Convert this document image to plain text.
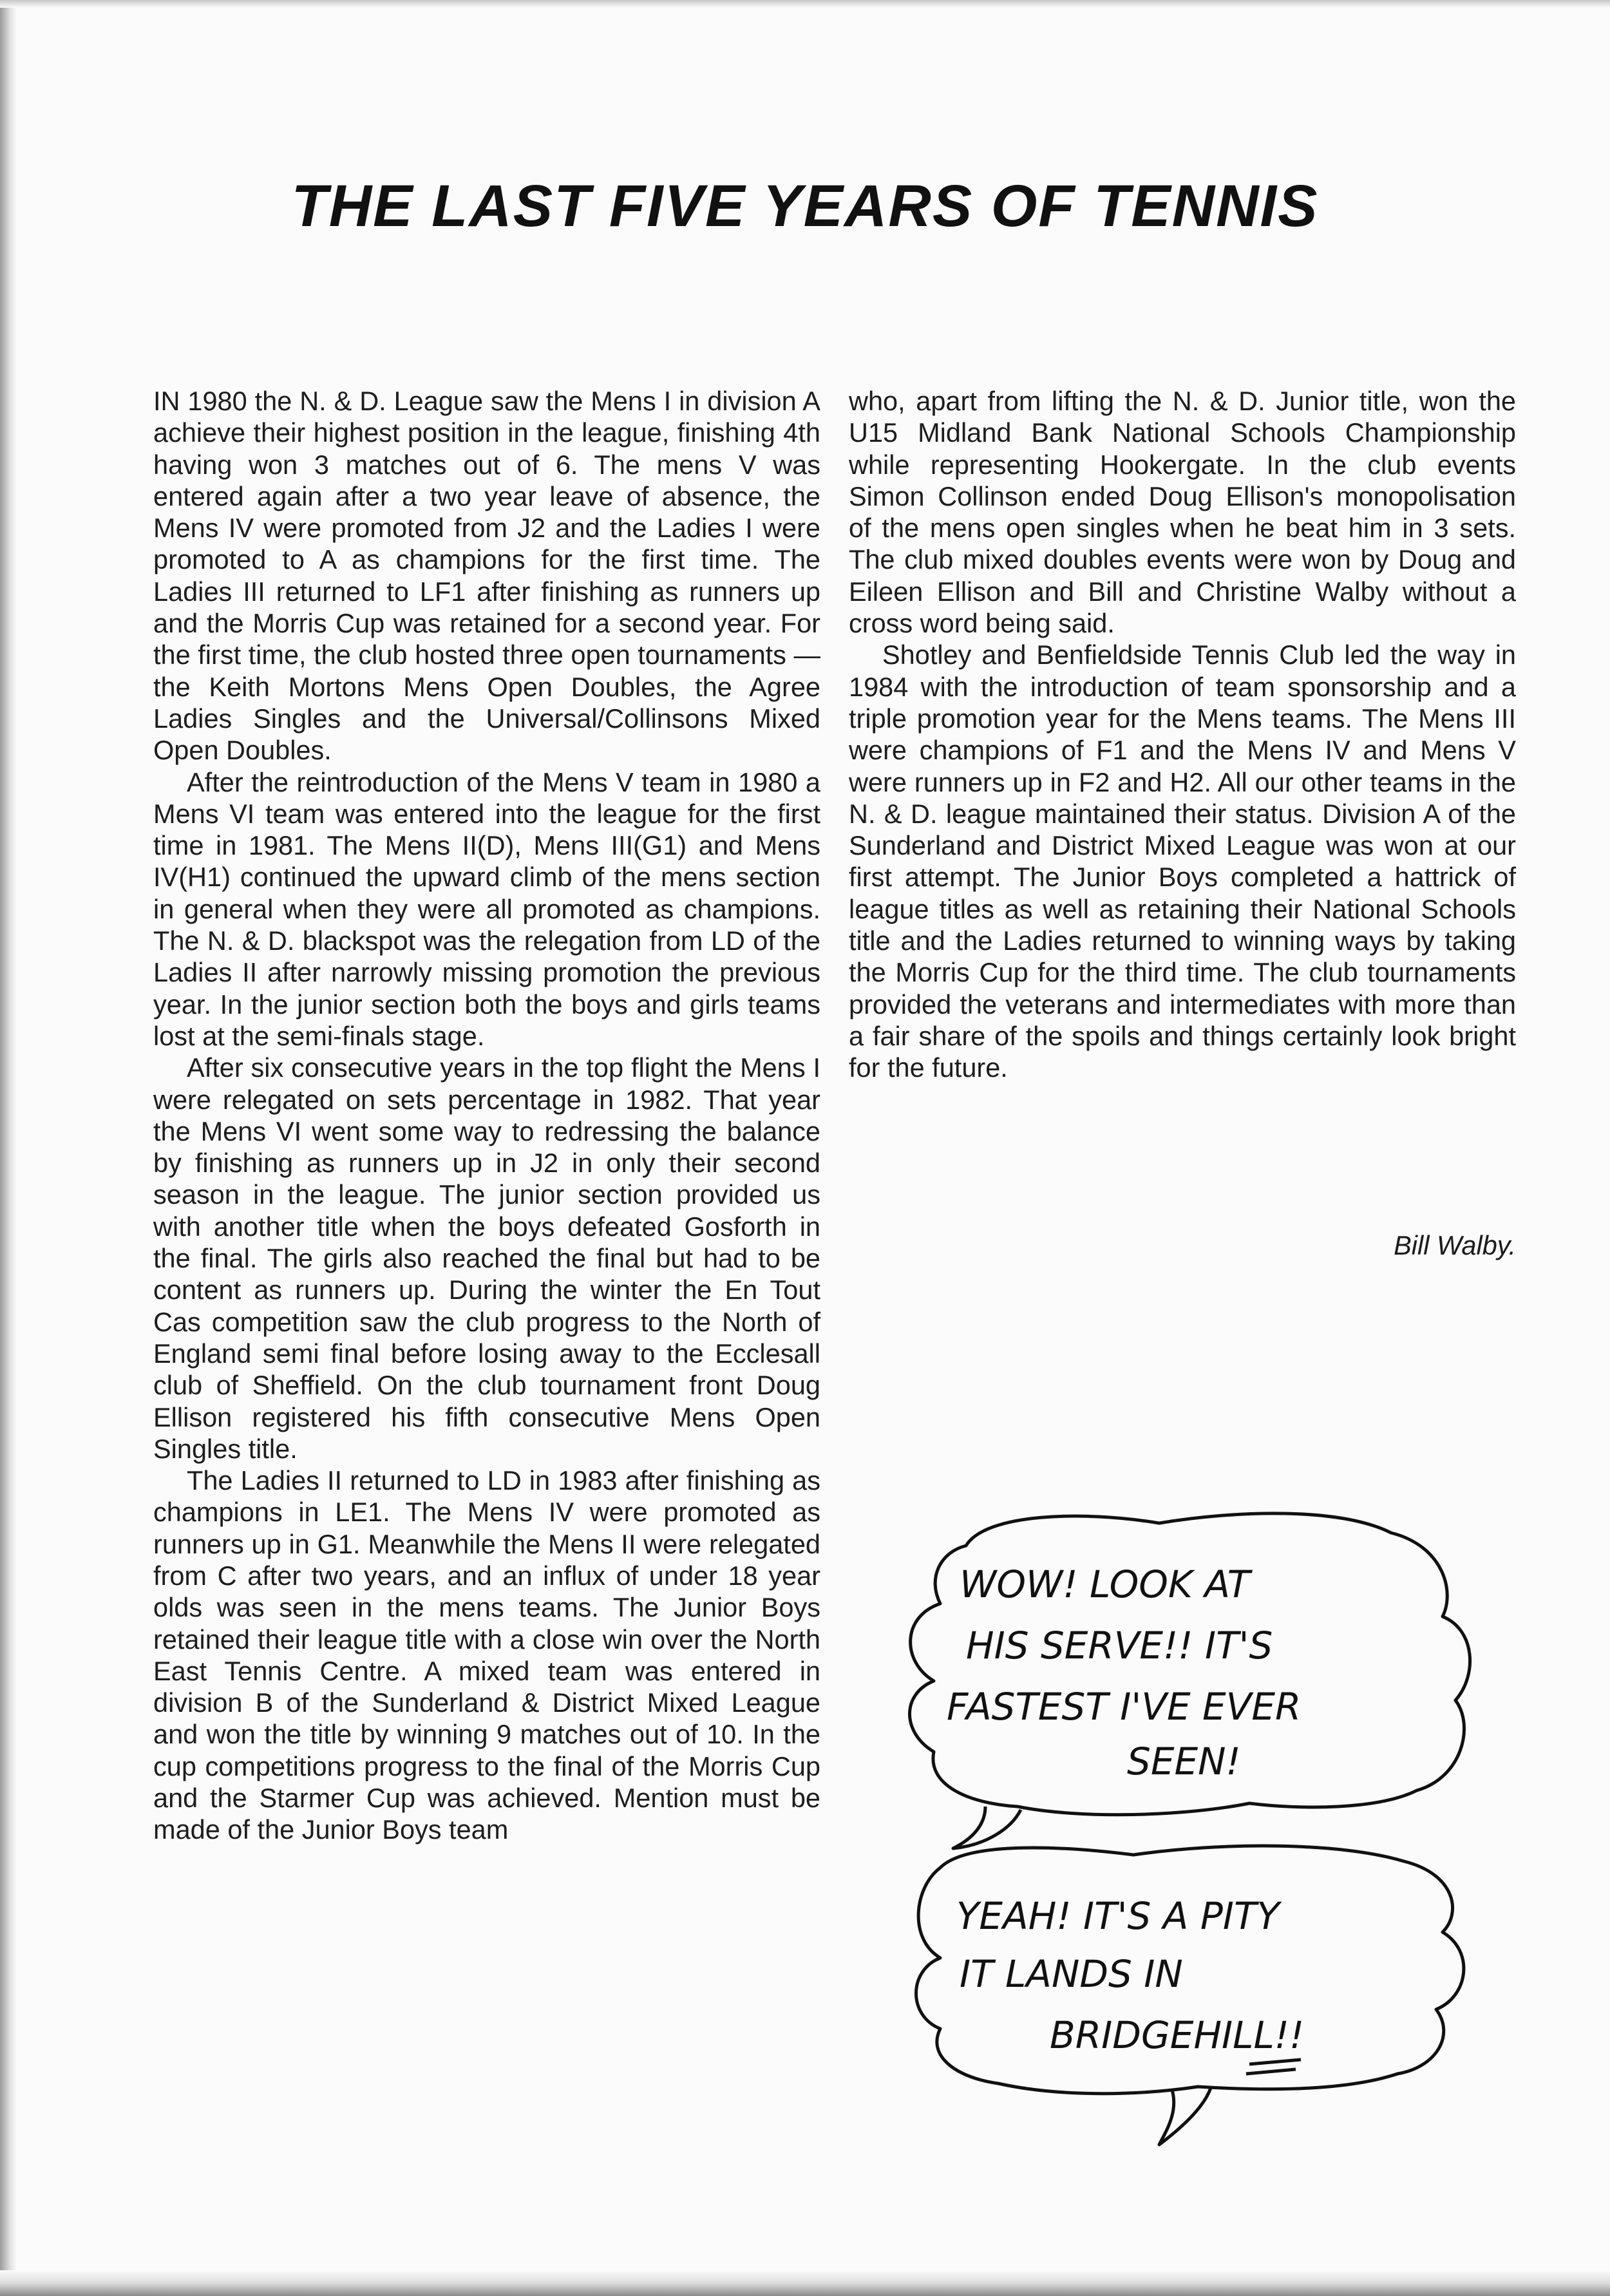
THE LAST FIVE YEARS OF TENNIS

IN 1980 the N. & D. League saw the Mens I in division A achieve their highest position in the league, finishing 4th having won 3 matches out of 6. The mens V was entered again after a two year leave of absence, the Mens IV were promoted from J2 and the Ladies I were promoted to A as champions for the first time. The Ladies III returned to LF1 after finishing as runners up and the Morris Cup was retained for a second year. For the first time, the club hosted three open tournaments — the Keith Mortons Mens Open Doubles, the Agree Ladies Singles and the Universal/Collinsons Mixed Open Doubles.

After the reintroduction of the Mens V team in 1980 a Mens VI team was entered into the league for the first time in 1981. The Mens II(D), Mens III(G1) and Mens IV(H1) continued the upward climb of the mens section in general when they were all promoted as champions. The N. & D. blackspot was the relegation from LD of the Ladies II after narrowly missing promotion the previous year. In the junior section both the boys and girls teams lost at the semi-finals stage.

After six consecutive years in the top flight the Mens I were relegated on sets percentage in 1982. That year the Mens VI went some way to redressing the balance by finishing as runners up in J2 in only their second season in the league. The junior section provided us with another title when the boys defeated Gosforth in the final. The girls also reached the final but had to be content as runners up. During the winter the En Tout Cas competition saw the club progress to the North of England semi final before losing away to the Ecclesall club of Sheffield. On the club tournament front Doug Ellison registered his fifth consecutive Mens Open Singles title.

The Ladies II returned to LD in 1983 after finishing as champions in LE1. The Mens IV were promoted as runners up in G1. Meanwhile the Mens II were relegated from C after two years, and an influx of under 18 year olds was seen in the mens teams. The Junior Boys retained their league title with a close win over the North East Tennis Centre. A mixed team was entered in division B of the Sunderland & District Mixed League and won the title by winning 9 matches out of 10. In the cup competitions progress to the final of the Morris Cup and the Starmer Cup was achieved. Mention must be made of the Junior Boys team

who, apart from lifting the N. & D. Junior title, won the U15 Midland Bank National Schools Championship while representing Hookergate. In the club events Simon Collinson ended Doug Ellison's monopolisation of the mens open singles when he beat him in 3 sets. The club mixed doubles events were won by Doug and Eileen Ellison and Bill and Christine Walby without a cross word being said.

Shotley and Benfieldside Tennis Club led the way in 1984 with the introduction of team sponsorship and a triple promotion year for the Mens teams. The Mens III were champions of F1 and the Mens IV and Mens V were runners up in F2 and H2. All our other teams in the N. & D. league maintained their status. Division A of the Sunderland and District Mixed League was won at our first attempt. The Junior Boys completed a hattrick of league titles as well as retaining their National Schools title and the Ladies returned to winning ways by taking the Morris Cup for the third time. The club tournaments provided the veterans and intermediates with more than a fair share of the spoils and things certainly look bright for the future.

Bill Walby.
WOW! LOOK AT
HIS SERVE!! IT'S
FASTEST I'VE EVER
SEEN!
YEAH! IT'S A PITY
IT LANDS IN
BRIDGEHILL!!
